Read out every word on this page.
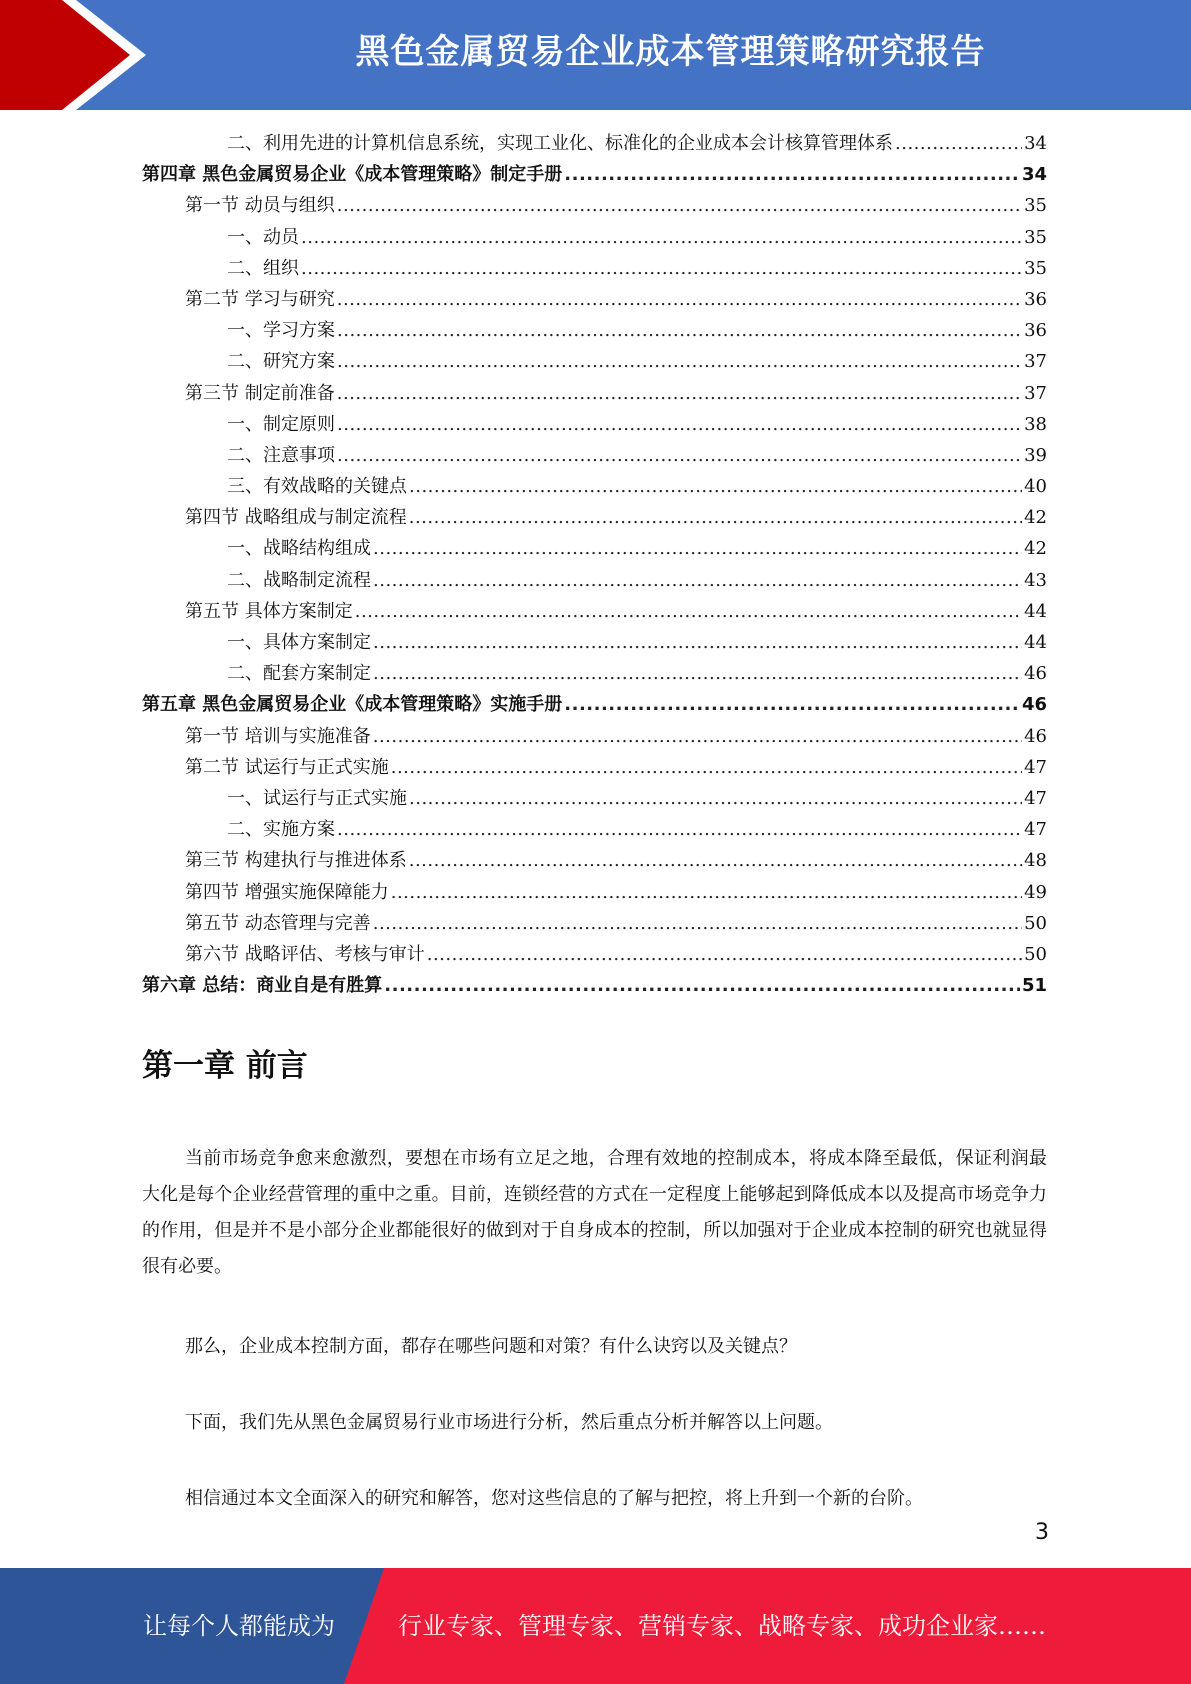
黑色金属贸易企业成本管理策略研究报告
二、利用先进的计算机信息系统，实现工业化、标准化的企业成本会计核算管理体系 .....	34
第四章 黑色金属贸易企业《成本管理策略》制定手册 .....	34
第一节 动员与组织 .....	35
一、动员 .....	35
二、组织 .....	35
第二节 学习与研究 .....	36
一、学习方案 .....	36
二、研究方案 .....	37
第三节 制定前准备 .....	37
一、制定原则 .....	38
二、注意事项 .....	39
三、有效战略的关键点 .....	40
第四节 战略组成与制定流程 .....	42
一、战略结构组成 .....	42
二、战略制定流程 .....	43
第五节 具体方案制定 .....	44
一、具体方案制定 .....	44
二、配套方案制定 .....	46
第五章 黑色金属贸易企业《成本管理策略》实施手册 .....	46
第一节 培训与实施准备 .....	46
第二节 试运行与正式实施 .....	47
一、试运行与正式实施 .....	47
二、实施方案 .....	47
第三节 构建执行与推进体系 .....	48
第四节 增强实施保障能力 .....	49
第五节 动态管理与完善 .....	50
第六节 战略评估、考核与审计 .....	50
第六章 总结：商业自是有胜算 .....	51
第一章 前言

当前市场竞争愈来愈激烈，要想在市场有立足之地，合理有效地的控制成本，将成本降至最低，保证利润最大化是每个企业经营管理的重中之重。目前，连锁经营的方式在一定程度上能够起到降低成本以及提高市场竞争力的作用，但是并不是小部分企业都能很好的做到对于自身成本的控制，所以加强对于企业成本控制的研究也就显得很有必要。

那么，企业成本控制方面，都存在哪些问题和对策？有什么诀窍以及关键点？

下面，我们先从黑色金属贸易行业市场进行分析，然后重点分析并解答以上问题。

相信通过本文全面深入的研究和解答，您对这些信息的了解与把控，将上升到一个新的台阶。

3
让每个人都能成为	行业专家、管理专家、营销专家、战略专家、成功企业家……
